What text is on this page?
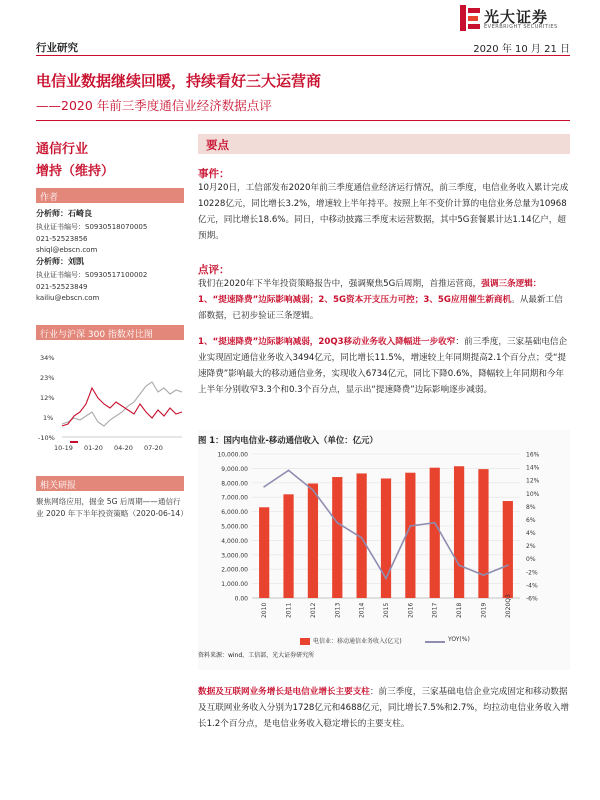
光大证券
EVERBRIGHT SECURITIES
行业研究	2020 年 10 月 21 日
电信业数据继续回暖，持续看好三大运营商
——2020 年前三季度通信业经济数据点评
通信行业
增持（维持）
作者
分析师：石崎良
执业证书编号：S0930518070005
021-52523856
shiql@ebscn.com
分析师：刘凯
执业证书编号：S0930517100002
021-52523849
kailiu@ebscn.com
行业与沪深 300 指数对比图
34%
23%
12%
1%
-10%
10-19 01-20 04-20 07-20
相关研报
聚焦网络应用，掘金 5G 后周期——通信行业 2020 年下半年投资策略（2020-06-14）
要点
事件：
10月20日，工信部发布2020年前三季度通信业经济运行情况，前三季度，电信业务收入累计完成10228亿元，同比增长3.2%，增速较上半年持平。按照上年不变价计算的电信业务总量为10968亿元，同比增长18.6%。同日，中移动披露三季度末运营数据，其中5G套餐累计达1.14亿户，超预期。
点评：
我们在2020年下半年投资策略报告中，强调聚焦5G后周期，首推运营商，强调三条逻辑：1、“提速降费”边际影响减弱；2、5G资本开支压力可控；3、5G应用催生新商机。从最新工信部数据，已初步验证三条逻辑。
1、“提速降费”边际影响减弱，20Q3移动业务收入降幅进一步收窄：前三季度，三家基础电信企业实现固定通信业务收入3494亿元，同比增长11.5%，增速较上年同期提高2.1个百分点；受“提速降费”影响最大的移动通信业务，实现收入6734亿元，同比下降0.6%，降幅较上年同期和今年上半年分别收窄3.3个和0.3个百分点，显示出“提速降费”边际影响逐步减弱。
图 1：国内电信业-移动通信收入（单位：亿元）
10,000.00
9,000.00
8,000.00
7,000.00
6,000.00
5,000.00
4,000.00
3,000.00
2,000.00
1,000.00
0.00
16%
14%
12%
10%
8%
6%
4%
2%
0%
-2%
-4%
-6%
2010	2011	2012	2013	2014	2015	2016	2017	2018	2019	2020Q3
电信业：移动通信业务收入(亿元)	YOY(%)
资料来源：wind，工信部，光大证券研究所
数据及互联网业务增长是电信业增长主要支柱：前三季度，三家基础电信企业完成固定和移动数据及互联网业务收入分别为1728亿元和4688亿元，同比增长7.5%和2.7%，均拉动电信业务收入增长1.2个百分点，是电信业务收入稳定增长的主要支柱。
